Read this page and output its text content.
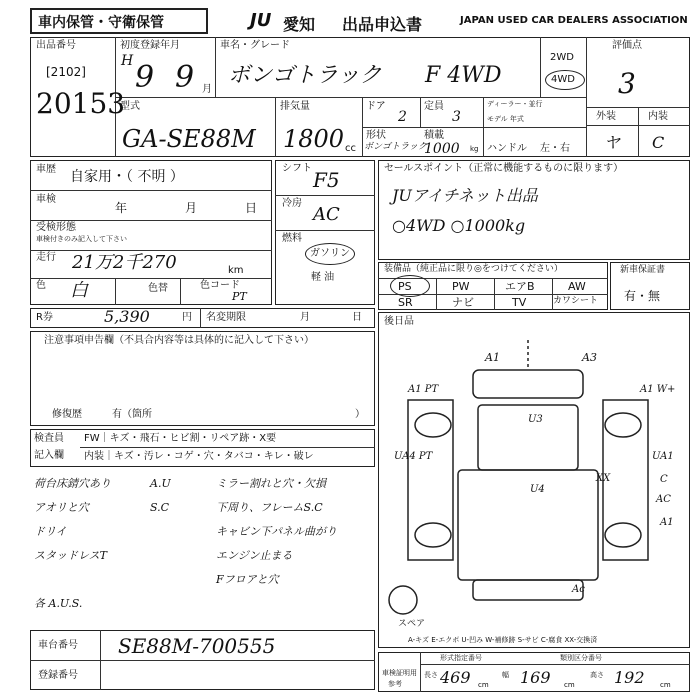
車内保管・守衛保管	JU 愛知 出品申込書	JAPAN USED CAR DEALERS ASSOCIATION
出品番号
[2102]
20153
初度登録年月
H 9 9 月
車名・グレード
ボンゴトラック F 4WD
2WD
4WD
評価点
3
型式
GA-SE88M
排気量
1800 cc
ドア
2
定員
3
ディーラー・並行
モデル 年式
形状
ボンゴトラック
積載
1000 kg ハンドル 左・右
外装	内装
ヤ C
車歴 自家用・（ 不明 ）
車検
年	月	日
受検形態
車検付きのみ記入して下さい
走行 21万2千270	km
色 白	色替	色コード
PT
シフト F5
冷房
AC
燃料
ガソリン
軽 油
セールスポイント（正常に機能するものに限ります）
JUアイチネット出品
○4WD ○1000kg
装備品（純正品に限り◎をつけてください）
PS	PW	エアB	AW
SR	ナビ	TV	カワシート
新車保証書
有・無
R券	5,390	円 名変期限	月	日
注意事項申告欄（不具合内容等は具体的に記入して下さい）
修復歴	有（箇所	）
検査員
記入欄
FW｜キズ・飛石・ヒビ割・リペア跡・X要
内装｜キズ・汚レ・コゲ・穴・タバコ・キレ・破レ
荷台床錆穴あり	A.U	ミラー割れと穴・欠損
アオリと穴	S.C	下周り、フレームS.C
ドリイ	キャビン下パネル曲がり
スタッドレスT	エンジン止まる
Fフロアと穴
各 A.U.S.
後日品
A1	A3
A1 W+
A1 PT
U3
UA4 PT
U4
XX
UA1
C
AC
A1
Ac
スペア
A-キズ E-エクボ U-凹み W-補修跡 S-サビ C-腐食 XX-交換済
車台番号 SE88M-700555
登録番号
形式指定番号	類別区分番号
車検証明用
参考
長さ 469 cm
幅 169 cm
高さ 192 cm
